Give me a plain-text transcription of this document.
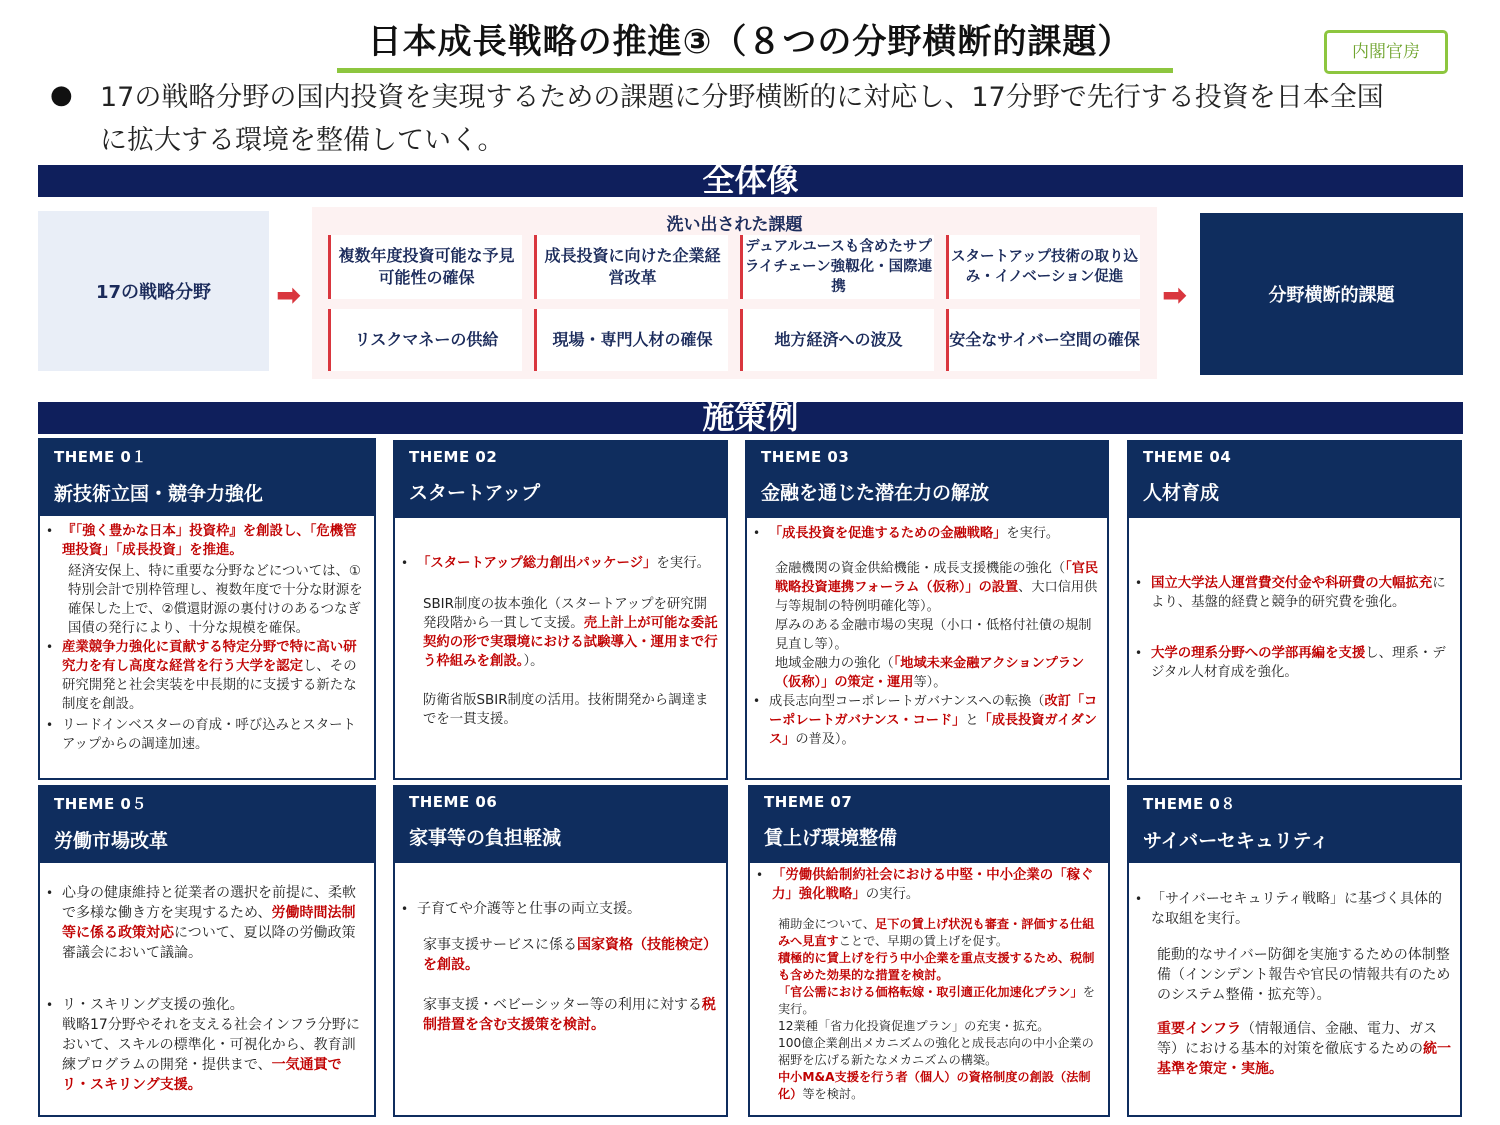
日本成長戦略の推進③（８つの分野横断的課題）	内閣官房
● 17の戦略分野の国内投資を実現するための課題に分野横断的に対応し、17分野で先行する投資を日本全国に拡大する環境を整備していく。
全体像
17の戦略分野	➡
複数年度投資可能な予見可能性の確保
成長投資に向けた企業経営改革
デュアルユースも含めたサプライチェーン強靱化・国際連携
スタートアップ技術の取り込み・イノベーション促進
リスクマネーの供給	現場・専門人材の確保	地方経済への波及	安全なサイバー空間の確保
洗い出された課題
➡	分野横断的課題
施策例
THEME 0１
新技術立国・競争力強化
• 『「強く豊かな日本」投資枠』を創設し、「危機管理投資」「成長投資」を推進。
経済安保上、特に重要な分野などについては、①特別会計で別枠管理し、複数年度で十分な財源を確保した上で、②償還財源の裏付けのあるつなぎ国債の発行により、十分な規模を確保。
• 産業競争力強化に貢献する特定分野で特に高い研究力を有し高度な経営を行う大学を認定し、その研究開発と社会実装を中長期的に支援する新たな制度を創設。
• リードインベスターの育成・呼び込みとスタートアップからの調達加速。
THEME 02
スタートアップ
• 「スタートアップ総力創出パッケージ」を実行。
SBIR制度の抜本強化（スタートアップを研究開発段階から一貫して支援。売上計上が可能な委託契約の形で実環境における試験導入・運用まで行う枠組みを創設。）。
防衛省版SBIR制度の活用。技術開発から調達までを一貫支援。
THEME 03
金融を通じた潜在力の解放
• 「成長投資を促進するための金融戦略」を実行。
金融機関の資金供給機能・成長支援機能の強化（「官民戦略投資連携フォーラム（仮称）」の設置、大口信用供与等規制の特例明確化等）。
厚みのある金融市場の実現（小口・低格付社債の規制見直し等）。
地域金融力の強化（「地域未来金融アクションプラン（仮称）」の策定・運用等）。
• 成長志向型コーポレートガバナンスへの転換（改訂「コーポレートガバナンス・コード」と「成長投資ガイダンス」の普及）。
THEME 04
人材育成
• 国立大学法人運営費交付金や科研費の大幅拡充により、基盤的経費と競争的研究費を強化。
• 大学の理系分野への学部再編を支援し、理系・デジタル人材育成を強化。
THEME 0５
労働市場改革
• 心身の健康維持と従業者の選択を前提に、柔軟で多様な働き方を実現するため、労働時間法制等に係る政策対応について、夏以降の労働政策審議会において議論。
• リ・スキリング支援の強化。
戦略17分野やそれを支える社会インフラ分野において、スキルの標準化・可視化から、教育訓練プログラムの開発・提供まで、一気通貫でリ・スキリング支援。
THEME 06
家事等の負担軽減
• 子育てや介護等と仕事の両立支援。
家事支援サービスに係る国家資格（技能検定）を創設。
家事支援・ベビーシッター等の利用に対する税制措置を含む支援策を検討。
THEME 07
賃上げ環境整備
• 「労働供給制約社会における中堅・中小企業の「稼ぐ力」強化戦略」の実行。
補助金について、足下の賃上げ状況も審査・評価する仕組みへ見直すことで、早期の賃上げを促す。
積極的に賃上げを行う中小企業を重点支援するため、税制も含めた効果的な措置を検討。
「官公需における価格転嫁・取引適正化加速化プラン」を実行。
12業種「省力化投資促進プラン」の充実・拡充。
100億企業創出メカニズムの強化と成長志向の中小企業の裾野を広げる新たなメカニズムの構築。
中小M&A支援を行う者（個人）の資格制度の創設（法制化）等を検討。
THEME 0８
サイバーセキュリティ
• 「サイバーセキュリティ戦略」に基づく具体的な取組を実行。
能動的なサイバー防御を実施するための体制整備（インシデント報告や官民の情報共有のためのシステム整備・拡充等）。
重要インフラ（情報通信、金融、電力、ガス等）における基本的対策を徹底するための統一基準を策定・実施。
